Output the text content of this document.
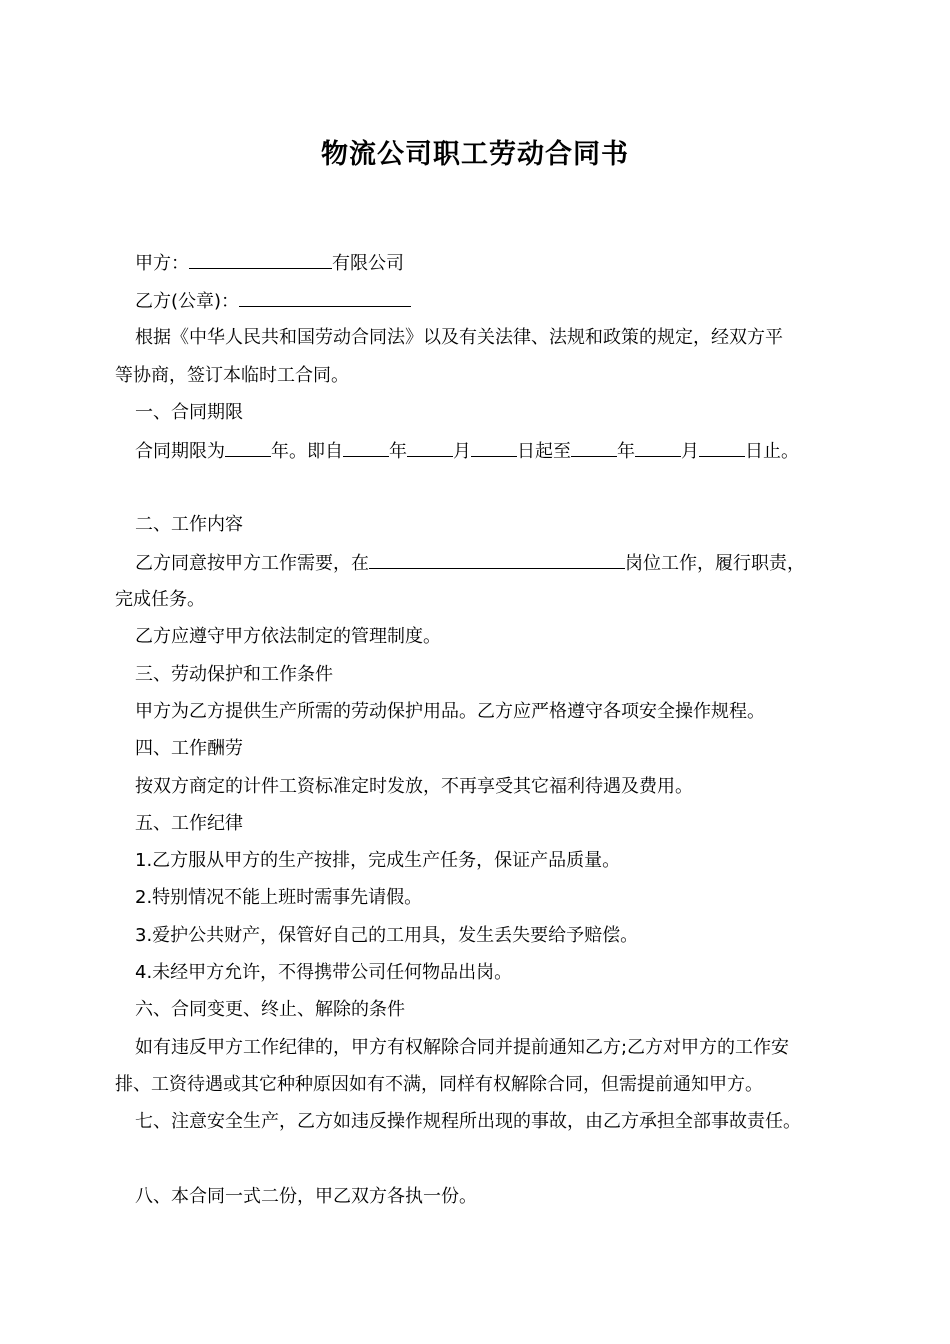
物流公司职工劳动合同书
甲方：	有限公司
乙方(公章)：
根据《中华人民共和国劳动合同法》以及有关法律、法规和政策的规定，经双方平
等协商，签订本临时工合同。
一、合同期限
合同期限为	年。即自	年	月	日起至	年	月	日止。
二、工作内容
乙方同意按甲方工作需要，在	岗位工作，履行职责，
完成任务。
乙方应遵守甲方依法制定的管理制度。
三、劳动保护和工作条件
甲方为乙方提供生产所需的劳动保护用品。乙方应严格遵守各项安全操作规程。
四、工作酬劳
按双方商定的计件工资标准定时发放，不再享受其它福利待遇及费用。
五、工作纪律
1.乙方服从甲方的生产按排，完成生产任务，保证产品质量。
2.特别情况不能上班时需事先请假。
3.爱护公共财产，保管好自己的工用具，发生丢失要给予赔偿。
4.未经甲方允许，不得携带公司任何物品出岗。
六、合同变更、终止、解除的条件
如有违反甲方工作纪律的，甲方有权解除合同并提前通知乙方;乙方对甲方的工作安
排、工资待遇或其它种种原因如有不满，同样有权解除合同，但需提前通知甲方。
七、注意安全生产，乙方如违反操作规程所出现的事故，由乙方承担全部事故责任。
八、本合同一式二份，甲乙双方各执一份。
